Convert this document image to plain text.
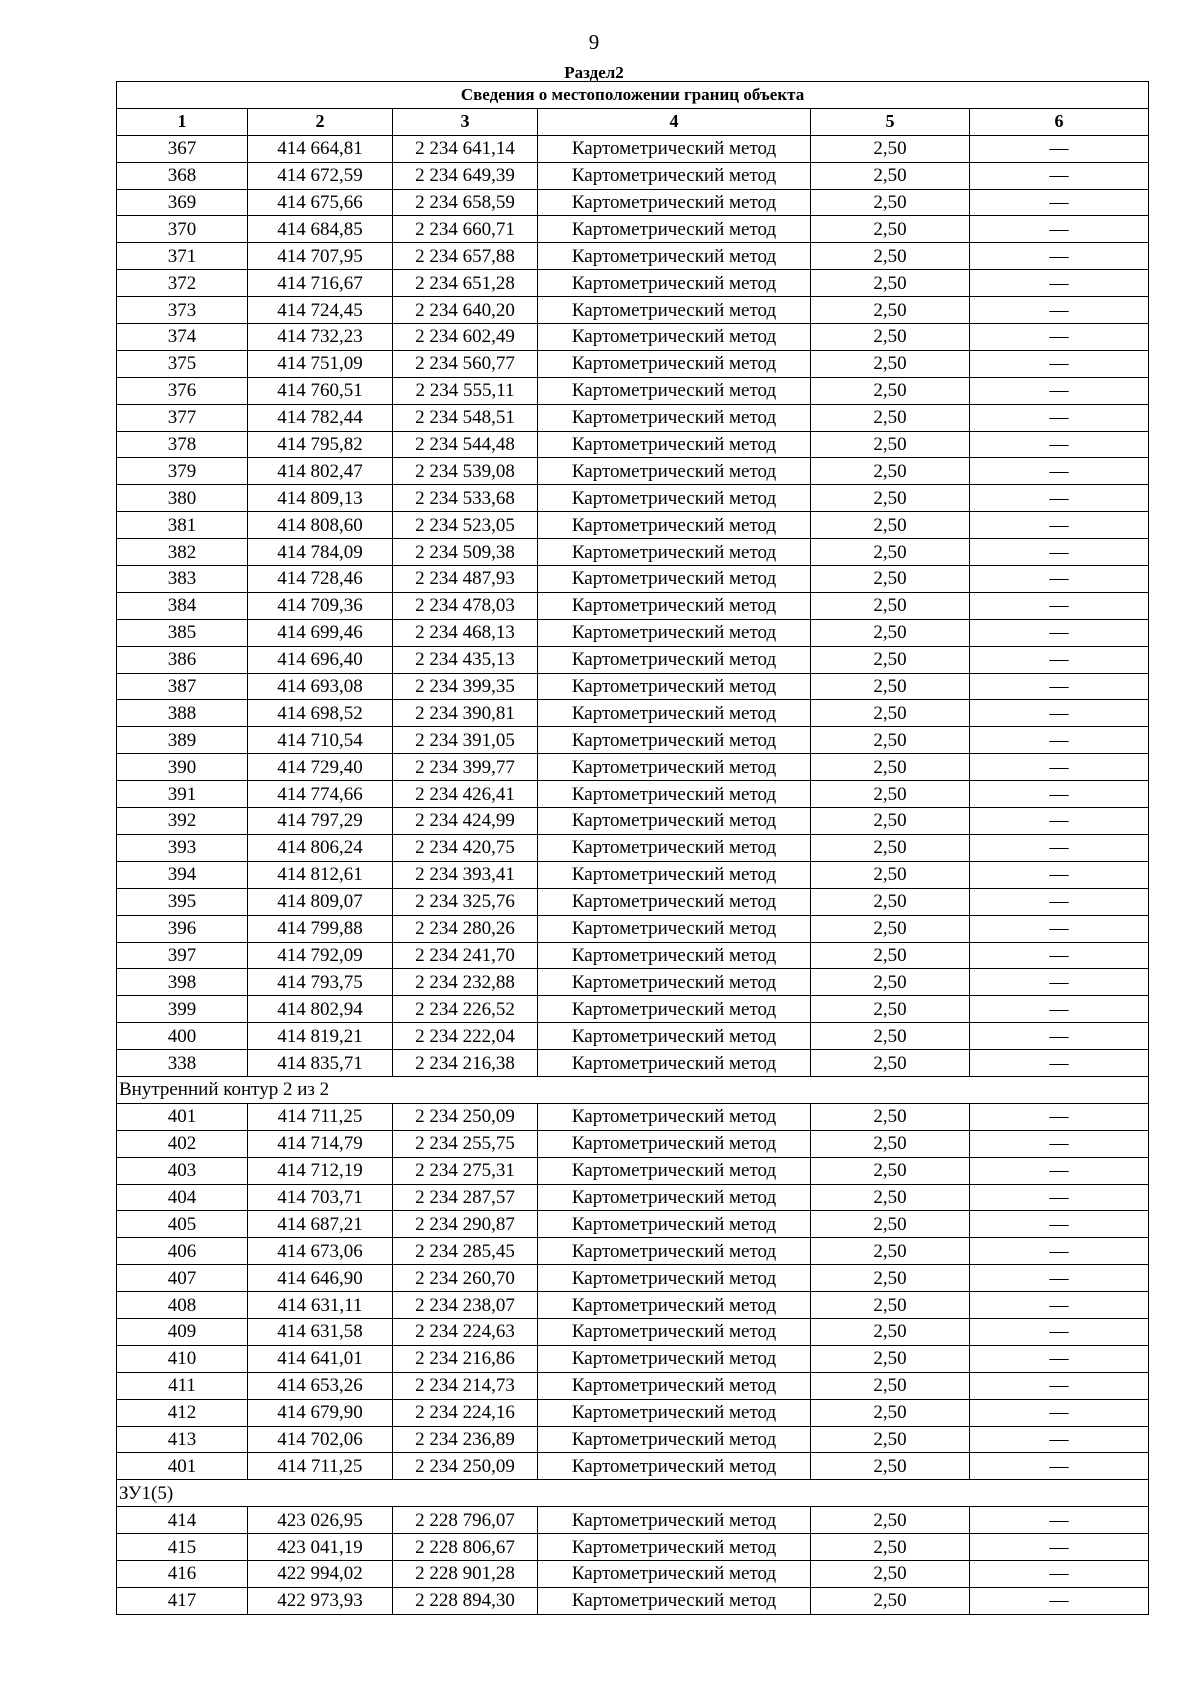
9
Раздел2
Сведения о местоположении границ объекта					
1	2	3	4	5	6
367	414 664,81	2 234 641,14	Картометрический метод	2,50	—
368	414 672,59	2 234 649,39	Картометрический метод	2,50	—
369	414 675,66	2 234 658,59	Картометрический метод	2,50	—
370	414 684,85	2 234 660,71	Картометрический метод	2,50	—
371	414 707,95	2 234 657,88	Картометрический метод	2,50	—
372	414 716,67	2 234 651,28	Картометрический метод	2,50	—
373	414 724,45	2 234 640,20	Картометрический метод	2,50	—
374	414 732,23	2 234 602,49	Картометрический метод	2,50	—
375	414 751,09	2 234 560,77	Картометрический метод	2,50	—
376	414 760,51	2 234 555,11	Картометрический метод	2,50	—
377	414 782,44	2 234 548,51	Картометрический метод	2,50	—
378	414 795,82	2 234 544,48	Картометрический метод	2,50	—
379	414 802,47	2 234 539,08	Картометрический метод	2,50	—
380	414 809,13	2 234 533,68	Картометрический метод	2,50	—
381	414 808,60	2 234 523,05	Картометрический метод	2,50	—
382	414 784,09	2 234 509,38	Картометрический метод	2,50	—
383	414 728,46	2 234 487,93	Картометрический метод	2,50	—
384	414 709,36	2 234 478,03	Картометрический метод	2,50	—
385	414 699,46	2 234 468,13	Картометрический метод	2,50	—
386	414 696,40	2 234 435,13	Картометрический метод	2,50	—
387	414 693,08	2 234 399,35	Картометрический метод	2,50	—
388	414 698,52	2 234 390,81	Картометрический метод	2,50	—
389	414 710,54	2 234 391,05	Картометрический метод	2,50	—
390	414 729,40	2 234 399,77	Картометрический метод	2,50	—
391	414 774,66	2 234 426,41	Картометрический метод	2,50	—
392	414 797,29	2 234 424,99	Картометрический метод	2,50	—
393	414 806,24	2 234 420,75	Картометрический метод	2,50	—
394	414 812,61	2 234 393,41	Картометрический метод	2,50	—
395	414 809,07	2 234 325,76	Картометрический метод	2,50	—
396	414 799,88	2 234 280,26	Картометрический метод	2,50	—
397	414 792,09	2 234 241,70	Картометрический метод	2,50	—
398	414 793,75	2 234 232,88	Картометрический метод	2,50	—
399	414 802,94	2 234 226,52	Картометрический метод	2,50	—
400	414 819,21	2 234 222,04	Картометрический метод	2,50	—
338	414 835,71	2 234 216,38	Картометрический метод	2,50	—
Внутренний контур 2 из 2					
401	414 711,25	2 234 250,09	Картометрический метод	2,50	—
402	414 714,79	2 234 255,75	Картометрический метод	2,50	—
403	414 712,19	2 234 275,31	Картометрический метод	2,50	—
404	414 703,71	2 234 287,57	Картометрический метод	2,50	—
405	414 687,21	2 234 290,87	Картометрический метод	2,50	—
406	414 673,06	2 234 285,45	Картометрический метод	2,50	—
407	414 646,90	2 234 260,70	Картометрический метод	2,50	—
408	414 631,11	2 234 238,07	Картометрический метод	2,50	—
409	414 631,58	2 234 224,63	Картометрический метод	2,50	—
410	414 641,01	2 234 216,86	Картометрический метод	2,50	—
411	414 653,26	2 234 214,73	Картометрический метод	2,50	—
412	414 679,90	2 234 224,16	Картометрический метод	2,50	—
413	414 702,06	2 234 236,89	Картометрический метод	2,50	—
401	414 711,25	2 234 250,09	Картометрический метод	2,50	—
ЗУ1(5)					
414	423 026,95	2 228 796,07	Картометрический метод	2,50	—
415	423 041,19	2 228 806,67	Картометрический метод	2,50	—
416	422 994,02	2 228 901,28	Картометрический метод	2,50	—
417	422 973,93	2 228 894,30	Картометрический метод	2,50	—
